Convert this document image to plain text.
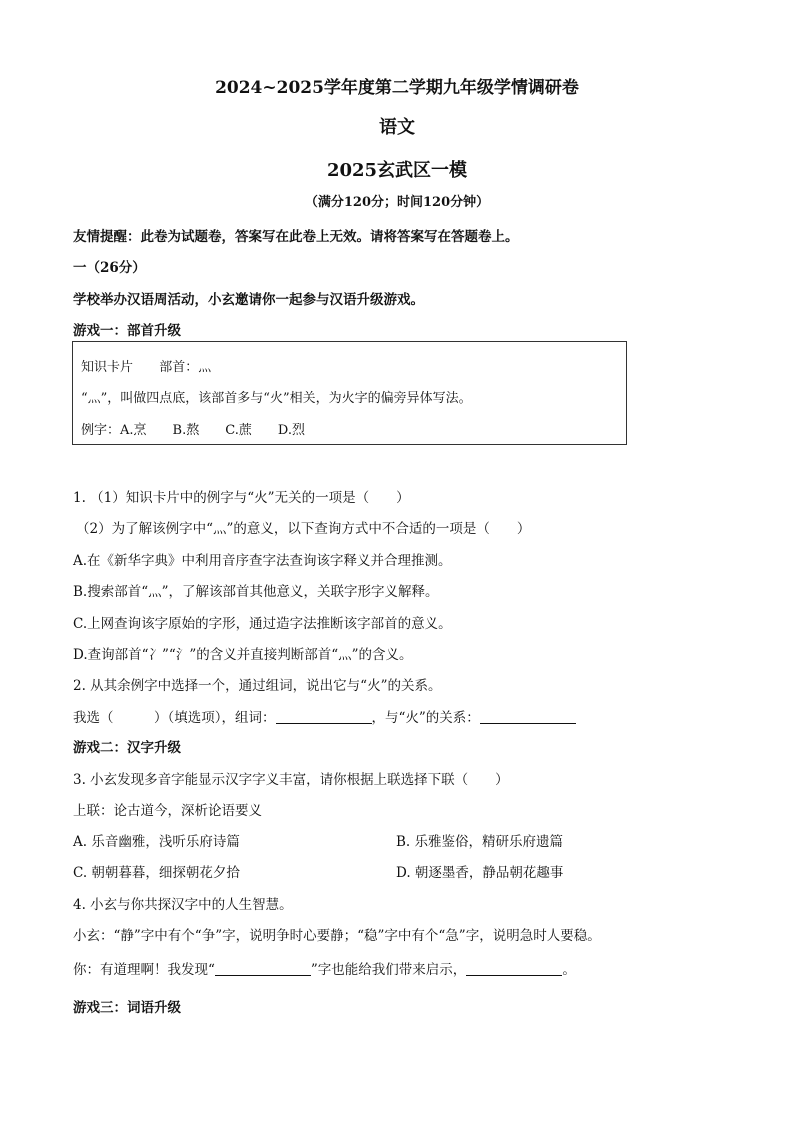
2024~2025学年度第二学期九年级学情调研卷
语文
2025玄武区一模
（满分120分；时间120分钟）
友情提醒：此卷为试题卷，答案写在此卷上无效。请将答案写在答题卷上。
一（26分）
学校举办汉语周活动，小玄邀请你一起参与汉语升级游戏。
游戏一：部首升级
知识卡片 部首：灬
“灬”，叫做四点底，该部首多与“火”相关，为火字的偏旁异体写法。
例字：A.烹 B.熬 C.蔗 D.烈
1. （1）知识卡片中的例字与“火”无关的一项是（　　）
（2）为了解该例字中“灬”的意义，以下查询方式中不合适的一项是（　　）
A.在《新华字典》中利用音序查字法查询该字释义并合理推测。
B.搜索部首“灬”，了解该部首其他意义，关联字形字义解释。
C.上网查询该字原始的字形，通过造字法推断该字部首的意义。
D.查询部首“冫”“氵”的含义并直接判断部首“灬”的含义。
2. 从其余例字中选择一个，通过组词，说出它与“火”的关系。
我选（　　　）（填选项），组词：	，与“火”的关系：
游戏二：汉字升级
3. 小玄发现多音字能显示汉字字义丰富，请你根据上联选择下联（　　）
上联：论古道今，深析论语要义
A. 乐音幽雅，浅听乐府诗篇	B. 乐雅鉴俗，精研乐府遗篇
C. 朝朝暮暮，细探朝花夕拾	D. 朝逐墨香，静品朝花趣事
4. 小玄与你共探汉字中的人生智慧。
小玄：“静”字中有个“争”字，说明争时心要静；“稳”字中有个“急”字，说明急时人要稳。
你：有道理啊！我发现“	”字也能给我们带来启示，	。
游戏三：词语升级
